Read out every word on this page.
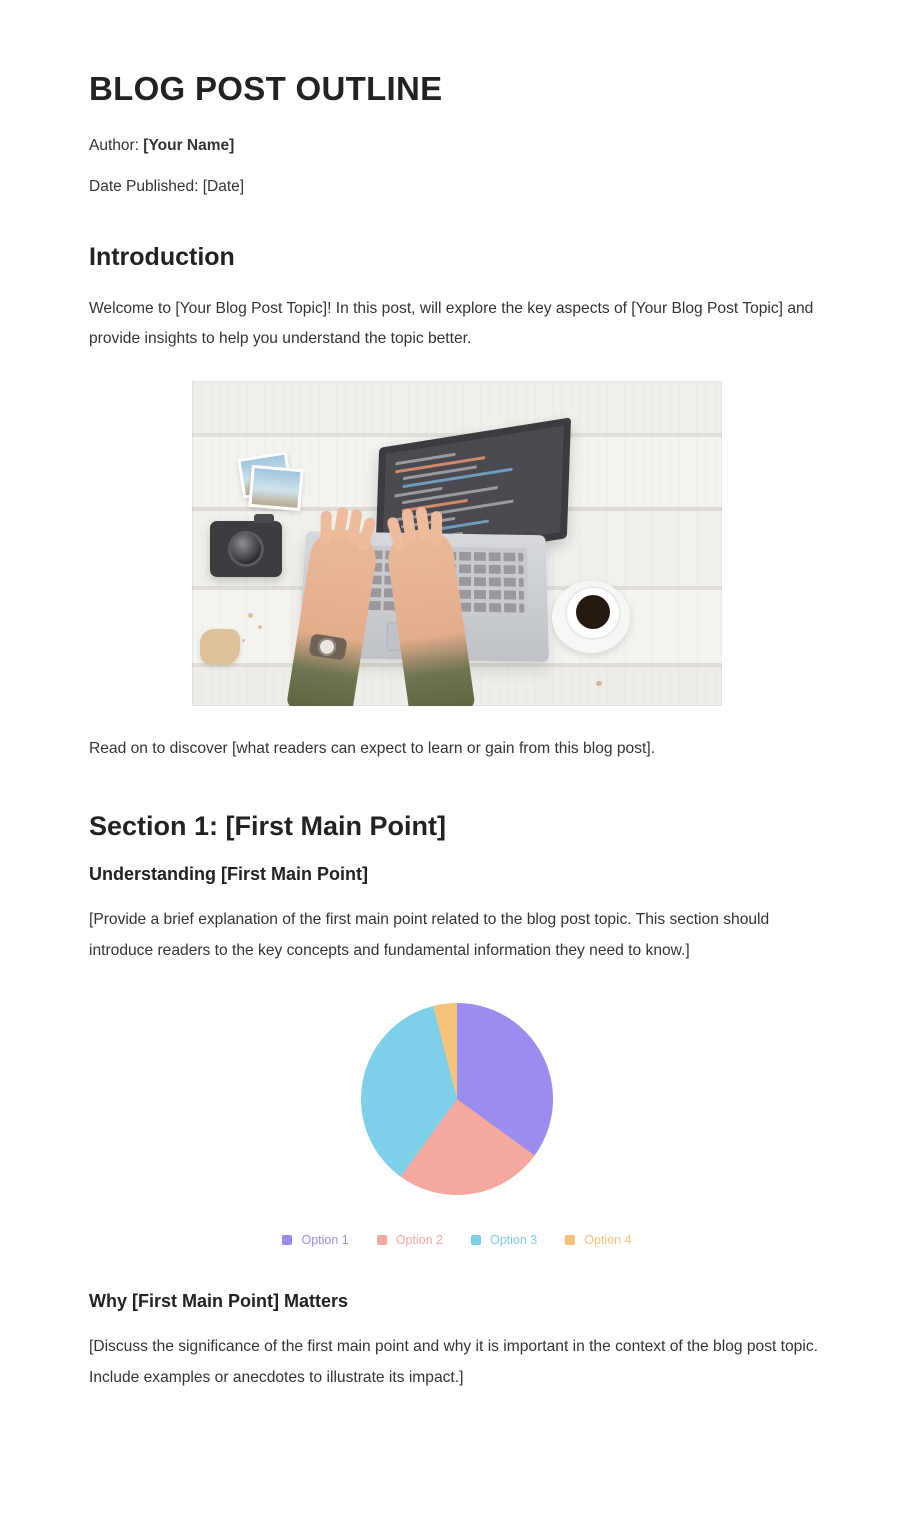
BLOG POST OUTLINE

Author: [Your Name]

Date Published: [Date]

Introduction

Welcome to [Your Blog Post Topic]! In this post, will explore the key aspects of [Your Blog Post Topic] and provide insights to help you understand the topic better.

Read on to discover [what readers can expect to learn or gain from this blog post].

Section 1: [First Main Point]
Understanding [First Main Point]

[Provide a brief explanation of the first main point related to the blog post topic. This section should introduce readers to the key concepts and fundamental information they need to know.]

Option 1	Option 2	Option 3	Option 4
Why [First Main Point] Matters

[Discuss the significance of the first main point and why it is important in the context of the blog post topic. Include examples or anecdotes to illustrate its impact.]
